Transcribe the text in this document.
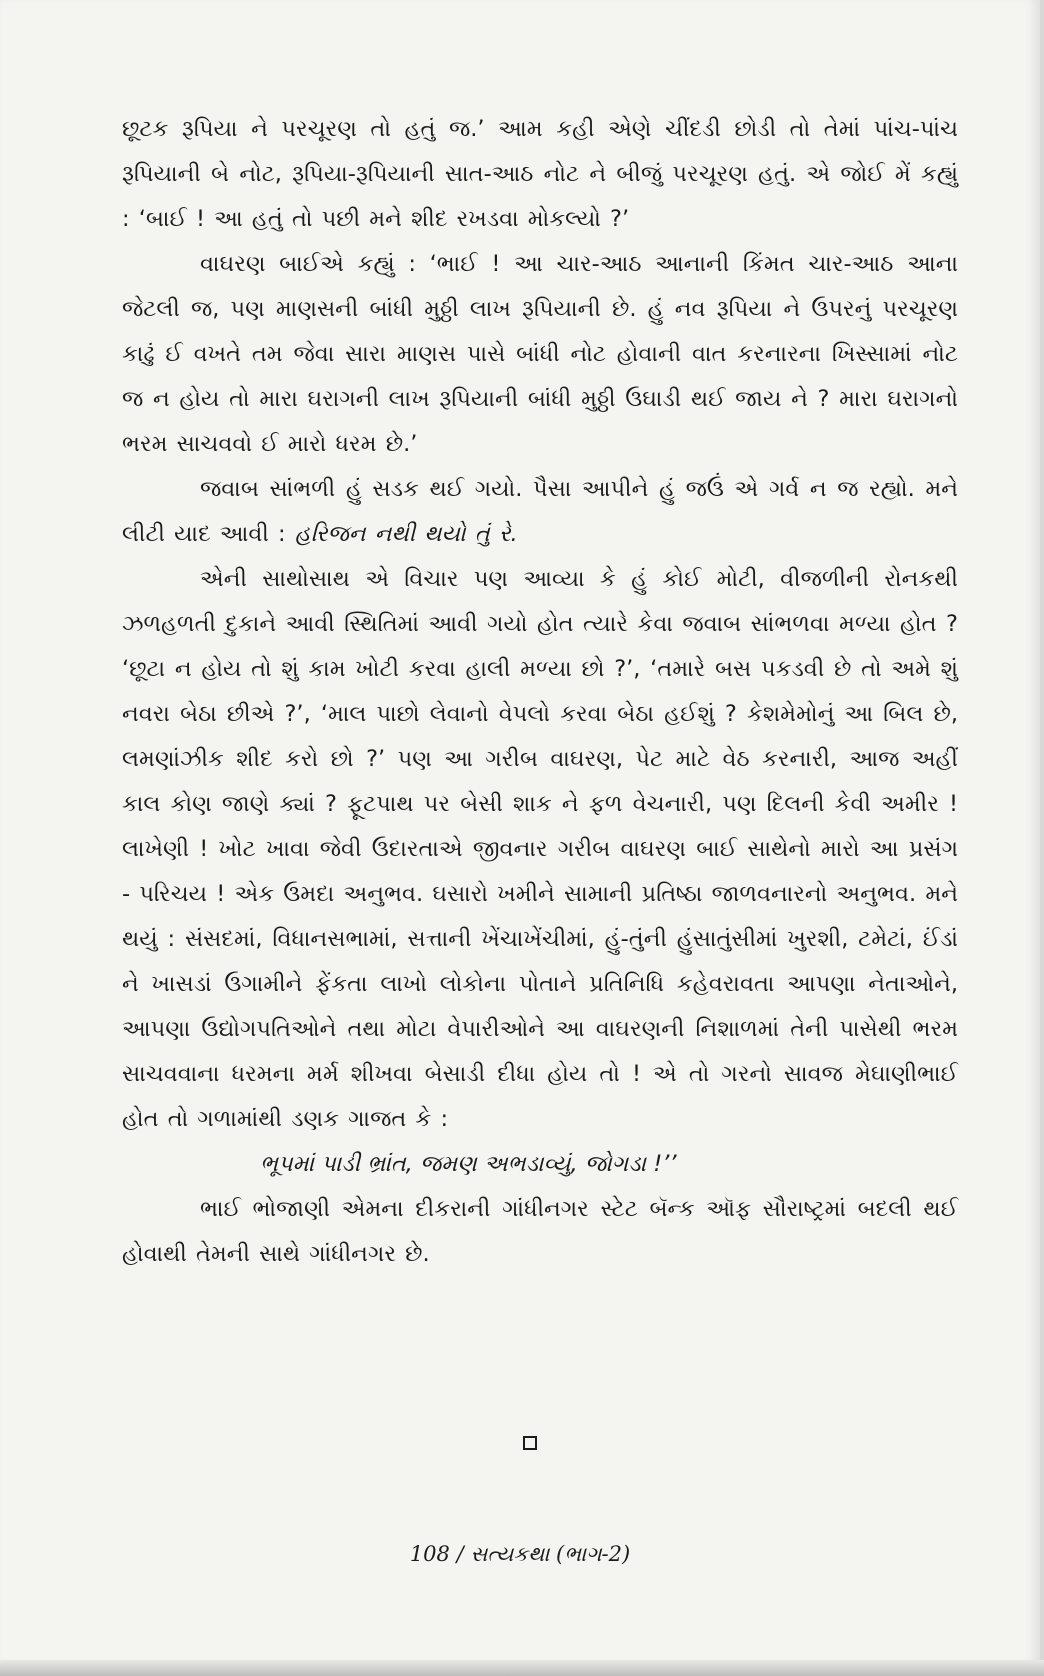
છૂટક રૂપિયા ને પરચૂરણ તો હતું જ.’ આમ કહી એણે ચીંદડી છોડી તો તેમાં પાંચ-પાંચ રૂપિયાની બે નોટ, રૂપિયા-રૂપિયાની સાત-આઠ નોટ ને બીજું પરચૂરણ હતું. એ જોઈ મેં કહ્યું : ‘બાઈ ! આ હતું તો પછી મને શીદ રખડવા મોકલ્યો ?’

વાઘરણ બાઈએ કહ્યું : ‘ભાઈ ! આ ચાર-આઠ આનાની કિંમત ચાર-આઠ આના જેટલી જ, પણ માણસની બાંધી મુઠ્ઠી લાખ રૂપિયાની છે. હું નવ રૂપિયા ને ઉપરનું પરચૂરણ કાઢું ઈ વખતે તમ જેવા સારા માણસ પાસે બાંધી નોટ હોવાની વાત કરનારના ખિસ્સામાં નોટ જ ન હોય તો મારા ઘરાગની લાખ રૂપિયાની બાંધી મુઠ્ઠી ઉઘાડી થઈ જાય ને ? મારા ઘરાગનો ભરમ સાચવવો ઈ મારો ધરમ છે.’

જવાબ સાંભળી હું સડક થઈ ગયો. પૈસા આપીને હું જઉં એ ગર્વ ન જ રહ્યો. મને લીટી યાદ આવી : હરિજન નથી થયો તું રે.

એની સાથોસાથ એ વિચાર પણ આવ્યા કે હું કોઈ મોટી, વીજળીની રોનકથી ઝળહળતી દુકાને આવી સ્થિતિમાં આવી ગયો હોત ત્યારે કેવા જવાબ સાંભળવા મળ્યા હોત ? ‘છૂટા ન હોય તો શું કામ ખોટી કરવા હાલી મળ્યા છો ?’, ‘તમારે બસ પકડવી છે તો અમે શું નવરા બેઠા છીએ ?’, ‘માલ પાછો લેવાનો વેપલો કરવા બેઠા હઈશું ? કેશમેમોનું આ બિલ છે, લમણાંઝીક શીદ કરો છો ?’ પણ આ ગરીબ વાઘરણ, પેટ માટે વેઠ કરનારી, આજ અહીં કાલ કોણ જાણે ક્યાં ? ફૂટપાથ પર બેસી શાક ને ફળ વેચનારી, પણ દિલની કેવી અમીર ! લાખેણી ! ખોટ ખાવા જેવી ઉદારતાએ જીવનાર ગરીબ વાઘરણ બાઈ સાથેનો મારો આ પ્રસંગ - પરિચય ! એક ઉમદા અનુભવ. ઘસારો ખમીને સામાની પ્રતિષ્ઠા જાળવનારનો અનુભવ. મને થયું : સંસદમાં, વિધાનસભામાં, સત્તાની ખેંચાખેંચીમાં, હું-તુંની હુંસાતુંસીમાં ખુરશી, ટમેટાં, ઈંડાં ને ખાસડાં ઉગામીને ફેંકતા લાખો લોકોના પોતાને પ્રતિનિધિ કહેવરાવતા આપણા નેતાઓને, આપણા ઉદ્યોગપતિઓને તથા મોટા વેપારીઓને આ વાઘરણની નિશાળમાં તેની પાસેથી ભરમ સાચવવાના ધરમના મર્મ શીખવા બેસાડી દીધા હોય તો ! એ તો ગરનો સાવજ મેઘાણીભાઈ હોત તો ગળામાંથી ડણક ગાજત કે :

ભૂપમાં પાડી ભ્રાંત, જમણ અભડાવ્યું, જોગડા !’’

ભાઈ ભોજાણી એમના દીકરાની ગાંધીનગર સ્ટેટ બૅન્ક ઑફ સૌરાષ્ટ્રમાં બદલી થઈ હોવાથી તેમની સાથે ગાંધીનગર છે.

108 / સત્યકથા (ભાગ-2)
